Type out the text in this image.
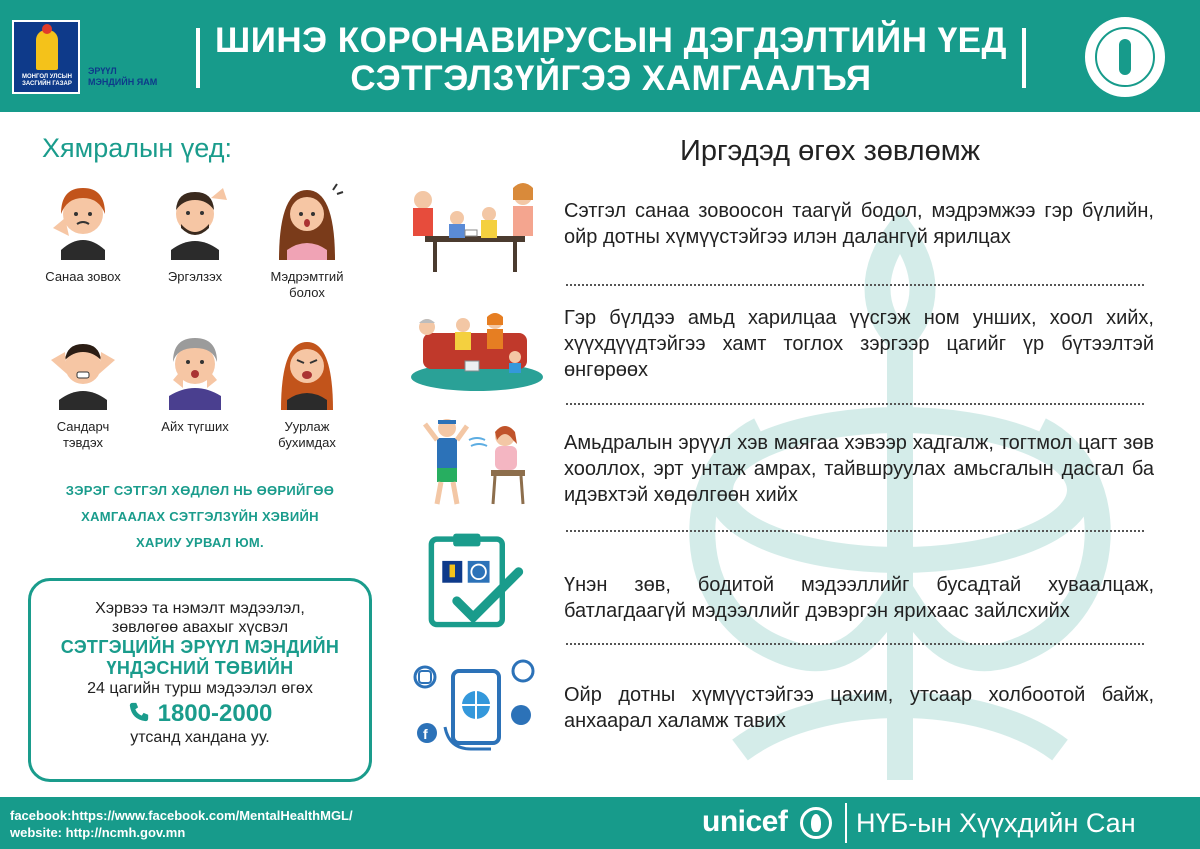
МОНГОЛ УЛСЫН ЗАСГИЙН ГАЗАР
ЭРҮҮЛ
МЭНДИЙН ЯАМ
ШИНЭ КОРОНАВИРУСЫН ДЭГДЭЛТИЙН ҮЕД
СЭТГЭЛЗҮЙГЭЭ ХАМГААЛЪЯ
Хямралын үед:
Санаа зовох	Эргэлзэх	Мэдрэмтгий болох
Сандарч тэвдэх
Айх түгших	Уурлаж бухимдах
ЗЭРЭГ СЭТГЭЛ ХӨДЛӨЛ НЬ ӨӨРИЙГӨӨ
ХАМГААЛАХ СЭТГЭЛЗҮЙН ХЭВИЙН
ХАРИУ УРВАЛ ЮМ.
Хэрвээ та нэмэлт мэдээлэл,
зөвлөгөө авахыг хүсвэл
СЭТГЭЦИЙН ЭРҮҮЛ МЭНДИЙН
ҮНДЭСНИЙ ТӨВИЙН
24 цагийн турш мэдээлэл өгөх
1800-2000
утсанд хандана уу.
Иргэдэд өгөх зөвлөмж
f
Сэтгэл санаа зовоосон таагүй бодол, мэдрэмжээ гэр бүлийн, ойр дотны хүмүүстэйгээ илэн далангүй ярилцах
Гэр бүлдээ амьд харилцаа үүсгэж ном унших, хоол хийх, хүүхдүүдтэйгээ хамт тоглох зэргээр цагийг үр бүтээлтэй өнгөрөөх
Амьдралын эрүүл хэв маягаа хэвээр хадгалж, тогтмол цагт зөв хооллох, эрт унтаж амрах, тайвшруулах амьсгалын дасгал ба идэвхтэй хөдөлгөөн хийх
Үнэн зөв, бодитой мэдээллийг бусадтай хуваалцаж, батлагдаагүй мэдээллийг дэвэргэн ярихаас зайлсхийх
Ойр дотны хүмүүстэйгээ цахим, утсаар холбоотой байж, анхаарал халамж тавих
facebook:https://www.facebook.com/MentalHealthMGL/
website: http://ncmh.gov.mn	unicef	НҮБ-ын Хүүхдийн Сан
